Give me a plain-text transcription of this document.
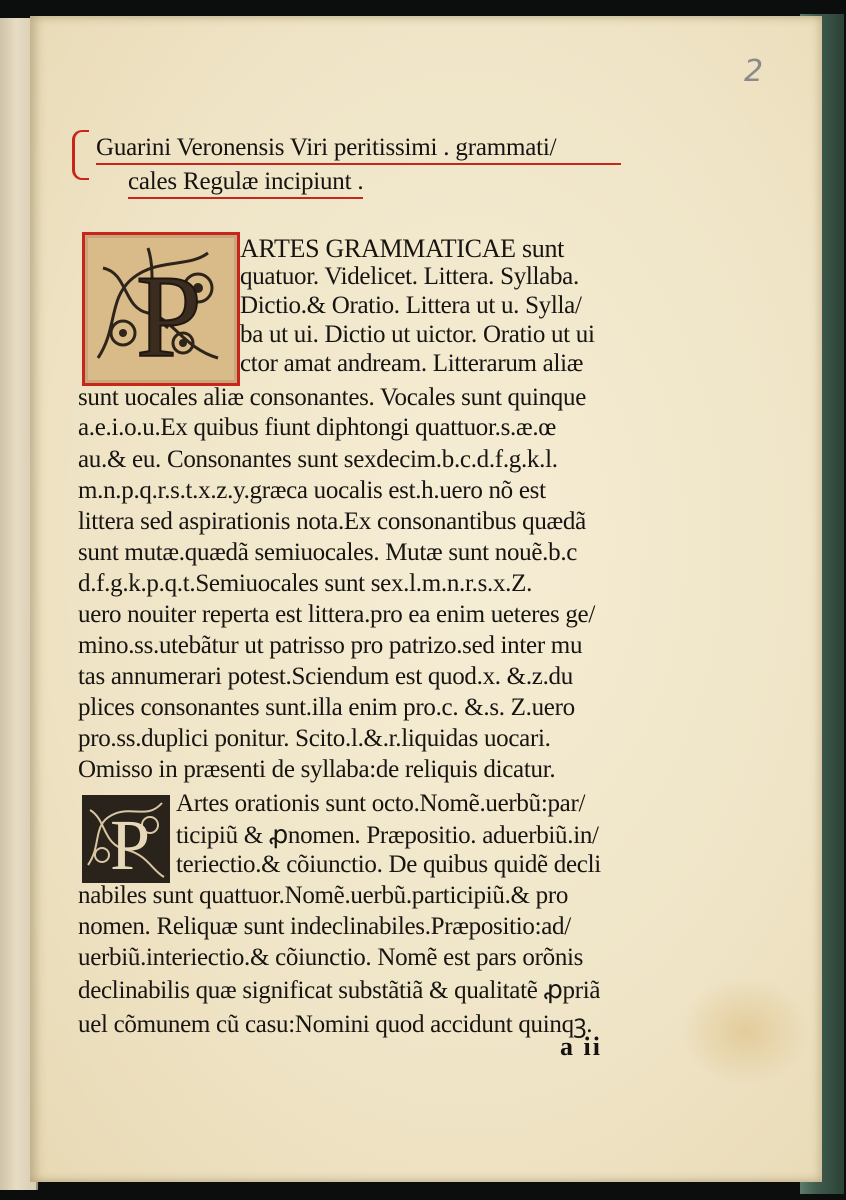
2
Guarini Veronensis Viri peritissimi . grammati/
cales Regulæ incipiunt .
P
ARTES GRAMMATICAE sunt
quatuor. Videlicet. Littera. Syllaba.
Dictio.& Oratio. Littera ut u. Sylla/
ba ut ui. Dictio ut uictor. Oratio ut ui
ctor amat andream. Litterarum aliæ
sunt uocales aliæ consonantes. Vocales sunt quinque
a.e.i.o.u.Ex quibus fiunt diphtongi quattuor.s.æ.œ
au.& eu. Consonantes sunt sexdecim.b.c.d.f.g.k.l.
m.n.p.q.r.s.t.x.z.y.græca uocalis est.h.uero nõ est
littera sed aspirationis nota.Ex consonantibus quædã
sunt mutæ.quædã semiuocales. Mutæ sunt nouẽ.b.c
d.f.g.k.p.q.t.Semiuocales sunt sex.l.m.n.r.s.x.Z.
uero nouiter reperta est littera.pro ea enim ueteres ge/
mino.ss.utebãtur ut patrisso pro patrizo.sed inter mu
tas annumerari potest.Sciendum est quod.x. &.z.du
plices consonantes sunt.illa enim pro.c. &.s. Z.uero
pro.ss.duplici ponitur. Scito.l.&.r.liquidas uocari.
Omisso in præsenti de syllaba:de reliquis dicatur.
P
Artes orationis sunt octo.Nomẽ.uerbũ:par/
ticipiũ & ꝓnomen. Præpositio. aduerbiũ.in/
teriectio.& cõiunctio. De quibus quidẽ decli
nabiles sunt quattuor.Nomẽ.uerbũ.participiũ.& pro
nomen. Reliquæ sunt indeclinabiles.Præpositio:ad/
uerbiũ.interiectio.& cõiunctio. Nomẽ est pars orõnis
declinabilis quæ significat substãtiã & qualitatẽ ꝓpriã
uel cõmunem cũ casu:Nomini quod accidunt quinqꝫ.
a ii
